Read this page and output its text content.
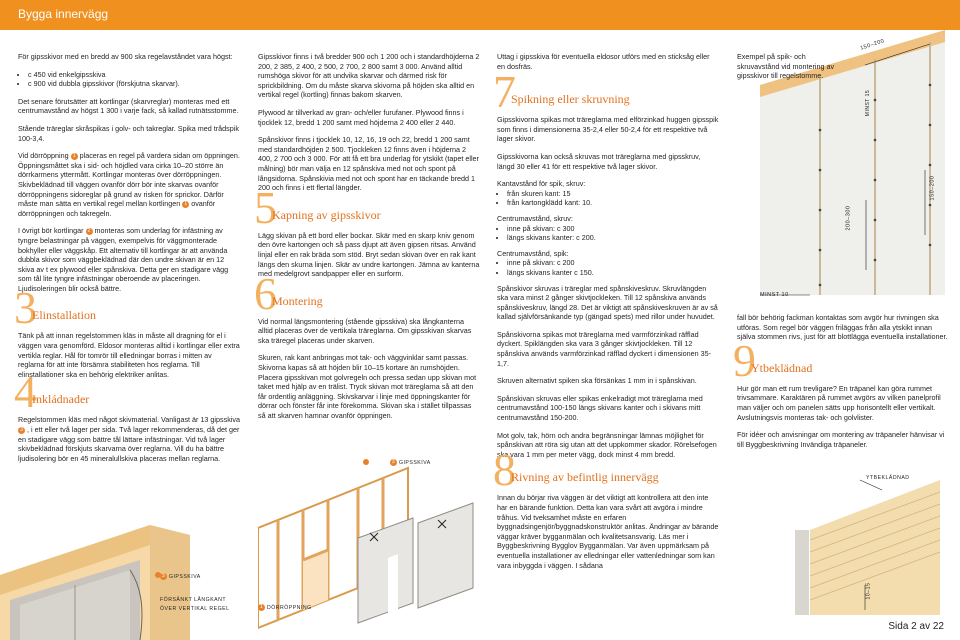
Bygga innervägg

För gipsskivor med en bredd av 900 ska regelavståndet vara högst:

• c 450 vid enkelgipsskiva
• c 900 vid dubbla gipsskivor (förskjutna skarvar).

Det senare förutsätter att kortlingar (skarvreglar) monteras med ett centrumavstånd av högst 1 300 i varje fack, så kallad rutnätsstomme.

Stående träreglar skråspikas i golv- och takreglar. Spika med trådspik 100-3,4.

Vid dörröppning 1 placeras en regel på vardera sidan om öppningen. Öppningsmåttet ska i sid- och höjdled vara cirka 10–20 större än dörrkarmens yttermått. Kortlingar monteras över dörröppningen. Skivbeklädnad till väggen ovanför dörr bör inte skarvas ovanför dörröppningens sidoreglar på grund av risken för sprickor. Därför måste man sätta en vertikal regel mellan kortlingen 1 ovanför dörröppningen och takregeln.

I övrigt bör kortlingar 2 monteras som underlag för infästning av tyngre belastningar på väggen, exempelvis för väggmonterade bokhyller eller väggskåp. Ett alternativ till kortlingar är att använda dubbla skivor som väggbeklädnad där den undre skivan är en 12 skiva av t ex plywood eller spånskiva. Detta ger en stadigare vägg som tål lite tyngre infästningar oberoende av placeringen. Ljudisoleringen blir också bättre.

3
Elinstallation

Tänk på att innan regelstommen kläs in måste all dragning för el i väggen vara genomförd. Eldosor monteras alltid i kortlingar eller extra vertikla reglar. Hål för tomrör till elledningar borras i mitten av reglarna för att inte försämra stabiliteten hos reglarna. Till elinstallationer ska en behörig elektriker anlitas.

4
Inkládnader

Regelstommen kläs med något skivmaterial. Vanligast är 13 gipsskiva 3 , i ett eller två lager per sida. Två lager rekommenderas, då det ger en stadigare vägg som bättre tål lättare infästningar. Vid två lager skivbeklädnad förskjuts skarvarna över reglarna. Vill du ha bättre ljudisolering bör en 45 mineralullskiva placeras mellan reglarna.

3 GIPSSKIVA
FÖRSÄNKT LÅNGKANT
ÖVER VERTIKAL REGEL

Gipsskivor finns i två bredder 900 och 1 200 och i standardhöjderna 2 200, 2 385, 2 400, 2 500, 2 700, 2 800 samt 3 000. Använd alltid rumshöga skivor för att undvika skarvar och därmed risk för sprickbildning. Om du måste skarva skivorna på höjden ska alltid en vertikal regel (kortling) finnas bakom skarven.

Plywood är tillverkad av gran- och/eller furufaner. Plywood finns i tjocklek 12, bredd 1 200 samt med höjderna 2 400 eller 2 440.

Spånskivor finns i tjocklek 10, 12, 16, 19 och 22, bredd 1 200 samt med standardhöjden 2 500. Tjockleken 12 finns även i höjderna 2 400, 2 700 och 3 000. För att få ett bra underlag för ytskikt (tapet eller målning) bör man välja en 12 spånskiva med not och spont på långsidorna. Spånskivia med not och spont har en täckande bredd 1 200 och finns i ett flertal längder.

5
Kapning av gipsskivor

Lägg skivan på ett bord eller bockar. Skär med en skarp kniv genom den övre kartongen och så pass djupt att även gipsen ritsas. Använd linjal eller en rak bräda som stöd. Bryt sedan skivan över en rak kant längs den skurna linjen. Skär av undre kartongen. Jämna av kanterna med medelgrovt sandpapper eller en surform.

6
Montering

Vid normal längsmontering (stående gipsskiva) ska långkanterna alltid placeras över de vertikala träreglarna. Om gipsskivan skarvas ska träregel placeras under skarven.

Skuren, rak kant anbringas mot tak- och väggvinklar samt passas. Skivorna kapas så att höjden blir 10–15 kortare än rumshöjden. Placera gipsskivan mot golvregeln och pressa sedan upp skivan mot taket med hjälp av en trälist. Tryck skivan mot träreglarna så att den får ordentlig anläggning. Skivskarvar i linje med öppningskanter för dörrar och fönster får inte förekomma. Skivan ska i stället tillpassas så att skarven hamnar ovanför öppningen.

3 GIPSSKIVA
1 DÖRRÖPPNING

Uttag i gipsskiva för eventuella eldosor utförs med en sticksåg eller en dosfräs.

7
Spikning eller skruvning

Gipsskivorna spikas mot träreglarna med elförzinkad huggen gipsspik som finns i dimensionerna 35-2,4 eller 50-2,4 för ett respektive två lager skivor.

Gipsskivorna kan också skruvas mot träreglarna med gipsskruv, längd 30 eller 41 för ett respektive två lager skivor.

Kantavstånd för spik, skruv:
• från skuren kant: 15
• från kartongklädd kant: 10.
Centrumavstånd, skruv:
• inne på skivan: c 300
• längs skivans kanter: c 200.
Centrumavstånd, spik:
• inne på skivan: c 200
• längs skivans kanter c 150.

Spånskivor skruvas i träreglar med spånskiveskruv. Skruvlängden ska vara minst 2 gånger skivtjockleken. Till 12 spånskiva används spånskiveskruv, längd 28. Det är viktigt att spånskiveskruven är av så kallad självförsänkande typ (gängad spets) med rillor under huvudet.

Spånskivorna spikas mot träreglarna med varmförzinkad räfflad dyckert. Spiklängden ska vara 3 gånger skivtjockleken. Till 12 spånskiva används varmförzinkad räfflad dyckert i dimensionen 35-1,7.

Skruven alternativt spiken ska försänkas 1 mm in i spånskivan.

Spånskivan skruvas eller spikas enkelradigt mot träreglarna med centrumavstånd 100-150 längs skivans kanter och i skivans mitt centrumavstånd 150-200.

Mot golv, tak, hörn och andra begränsningar lämnas möjlighet för spånskivan att röra sig utan att det uppkommer skador. Rörelsefogen ska vara 1 mm per meter vägg, dock minst 4 mm bredd.

8
Rivning av befintlig innervägg

Innan du börjar riva väggen är det viktigt att kontrollera att den inte har en bärande funktion. Detta kan vara svårt att avgöra i mindre tråhus. Vid tveksamhet måste en erfaren byggnadsingenjör/byggnadskonstruktör anlitas. Ändringar av bärande väggar kräver bygganmälan och kvalitetsansvarig. Läs mer i Byggbeskrivning Bygglov Bygganmälan. Var även uppmärksam på eventuella installationer av elledningar eller vattenledningar som kan vara inbyggda i väggen. I sådana

150–200
MINST 15
200–300
150–200
MINST 10
Exempel på spik- och skruvavstånd vid montering av gipsskivor till regelstomme.

fall bör behörig fackman kontaktas som avgör hur rivningen ska utföras. Som regel bör väggen friläggas från alla ytskikt innan själva stommen rivs, just för att blottlägga eventuella installationer.

9
Ytbeklädnad

Hur gör man ett rum trevligare? En träpanel kan göra rummet trivsammare. Karaktären på rummet avgörs av vilken panelprofil man väljer och om panelen sätts upp horisontellt eller vertikalt. Avslutningsvis monteras tak- och golvlister.

För idéer och anvisningar om montering av träpaneler hänvisar vi till Byggbeskrivning Invändiga träpaneler.

YTBEKLÄDNAD
10–15
Sida 2 av 22
